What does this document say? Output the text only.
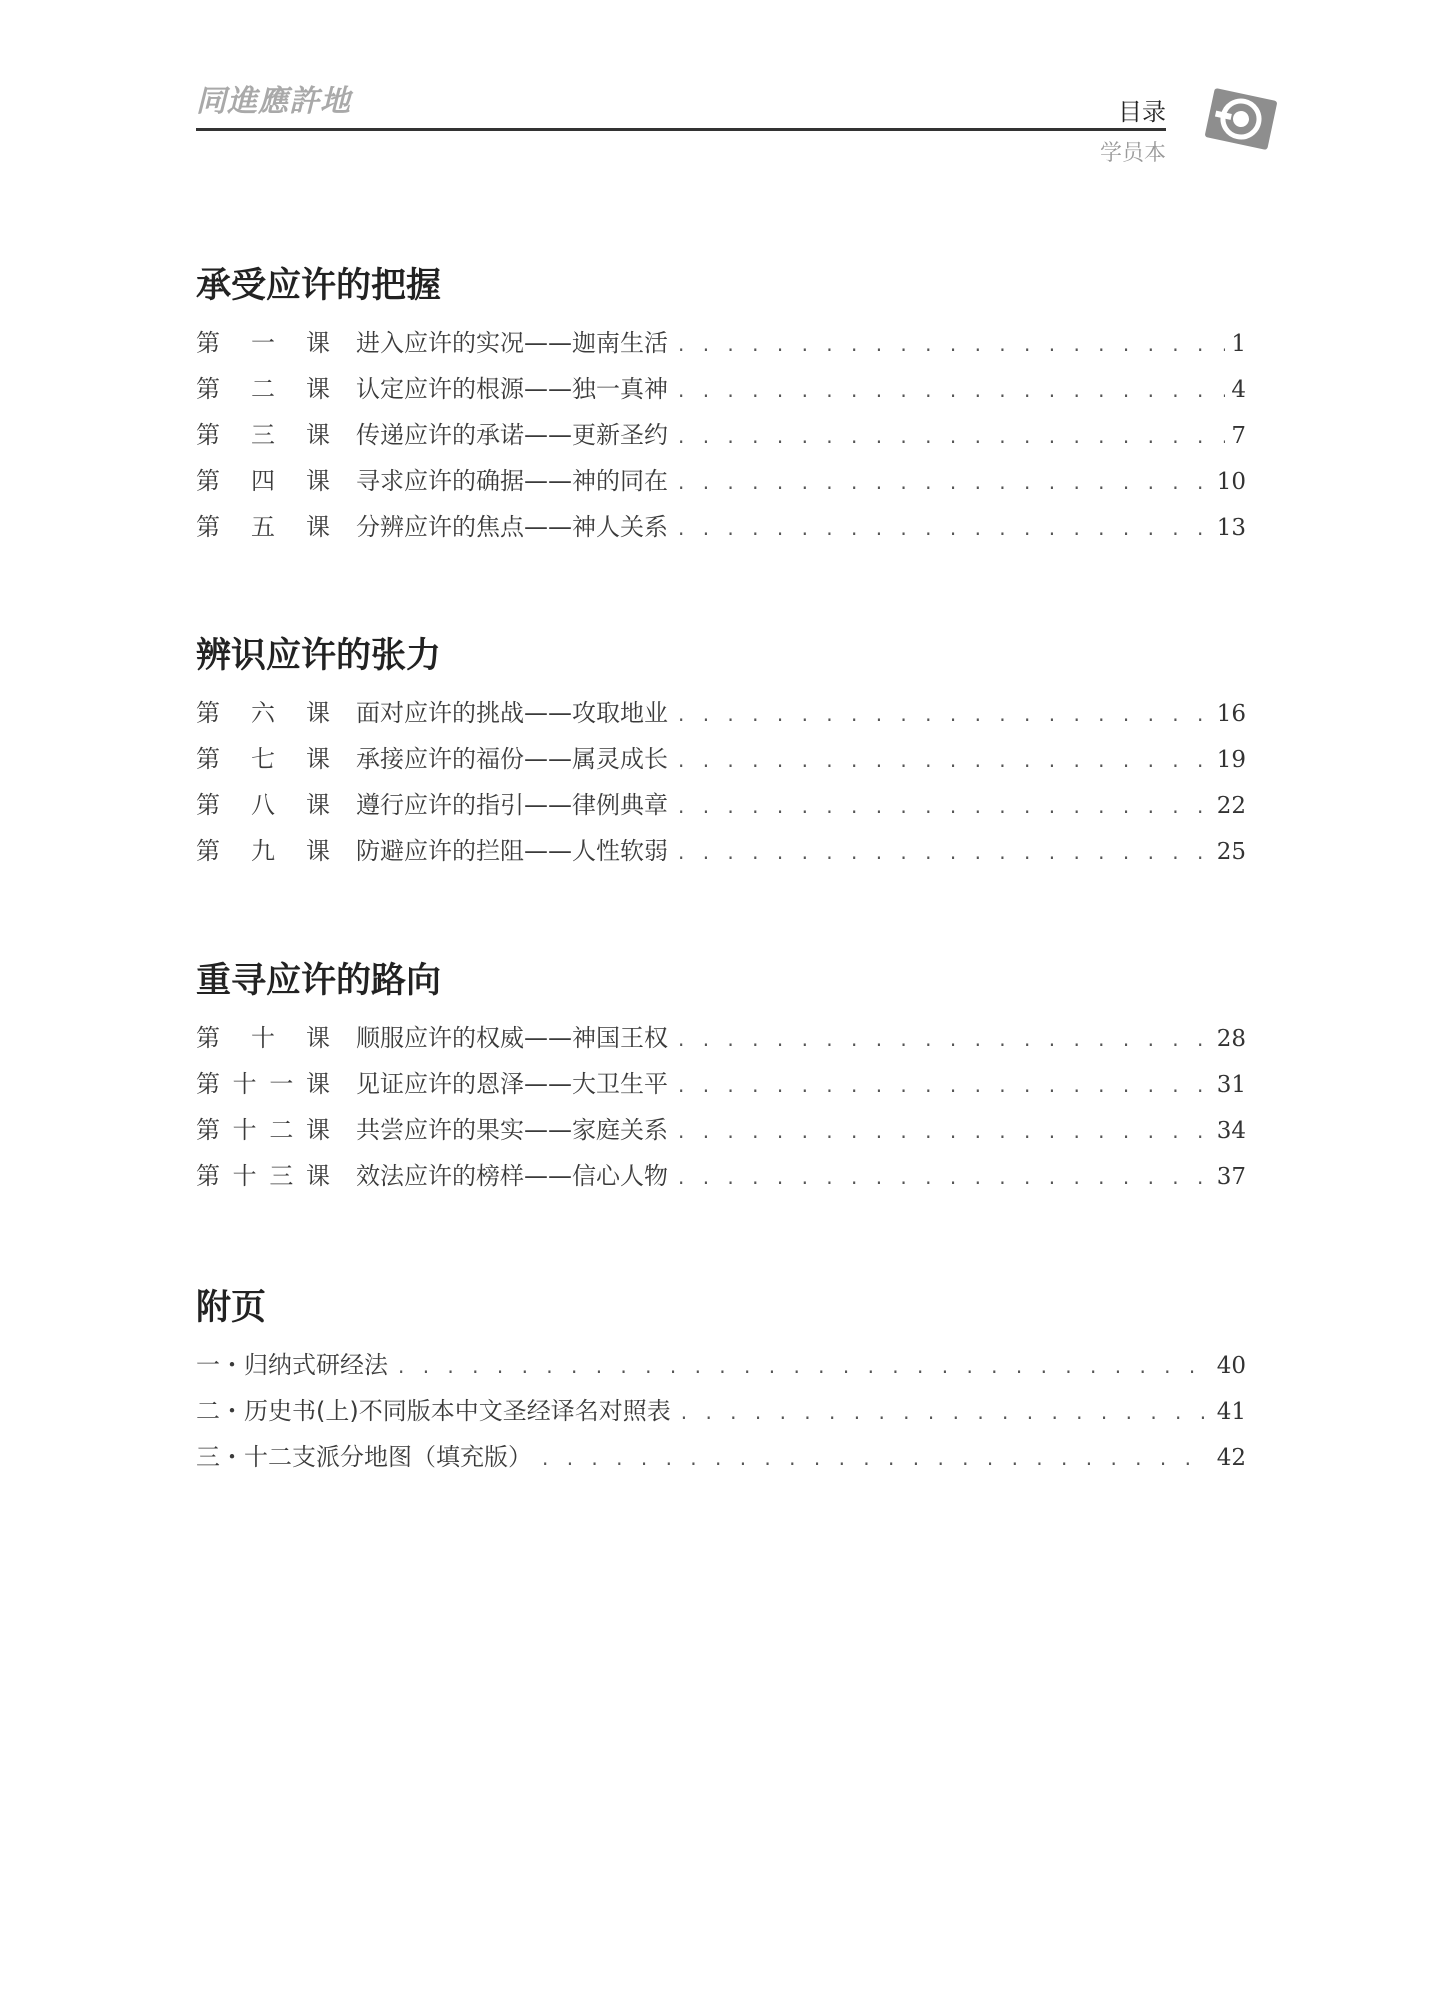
同進應許地	目录
学员本
承受应许的把握
第 一 课 进入应许的实况——迦南生活 . . .	1
第 二 课 认定应许的根源——独一真神 . . .	4
第 三 课 传递应许的承诺——更新圣约 . . .	7
第 四 课 寻求应许的确据——神的同在 . . .	10
第 五 课 分辨应许的焦点——神人关系 . . .	13
辨识应许的张力
第 六 课 面对应许的挑战——攻取地业 . . .	16
第 七 课 承接应许的福份——属灵成长 . . .	19
第 八 课 遵行应许的指引——律例典章 . . .	22
第 九 课 防避应许的拦阻——人性软弱 . . .	25
重寻应许的路向
第 十 课 顺服应许的权威——神国王权 . . .	28
第 十 一 课 见证应许的恩泽——大卫生平 . . .	31
第 十 二 课 共尝应许的果实——家庭关系 . . .	34
第 十 三 课 效法应许的榜样——信心人物 . . .	37
附页
一・归纳式研经法 . . .	40
二・历史书(上)不同版本中文圣经译名对照表 . . .	41
三・十二支派分地图（填充版） . . .	42
